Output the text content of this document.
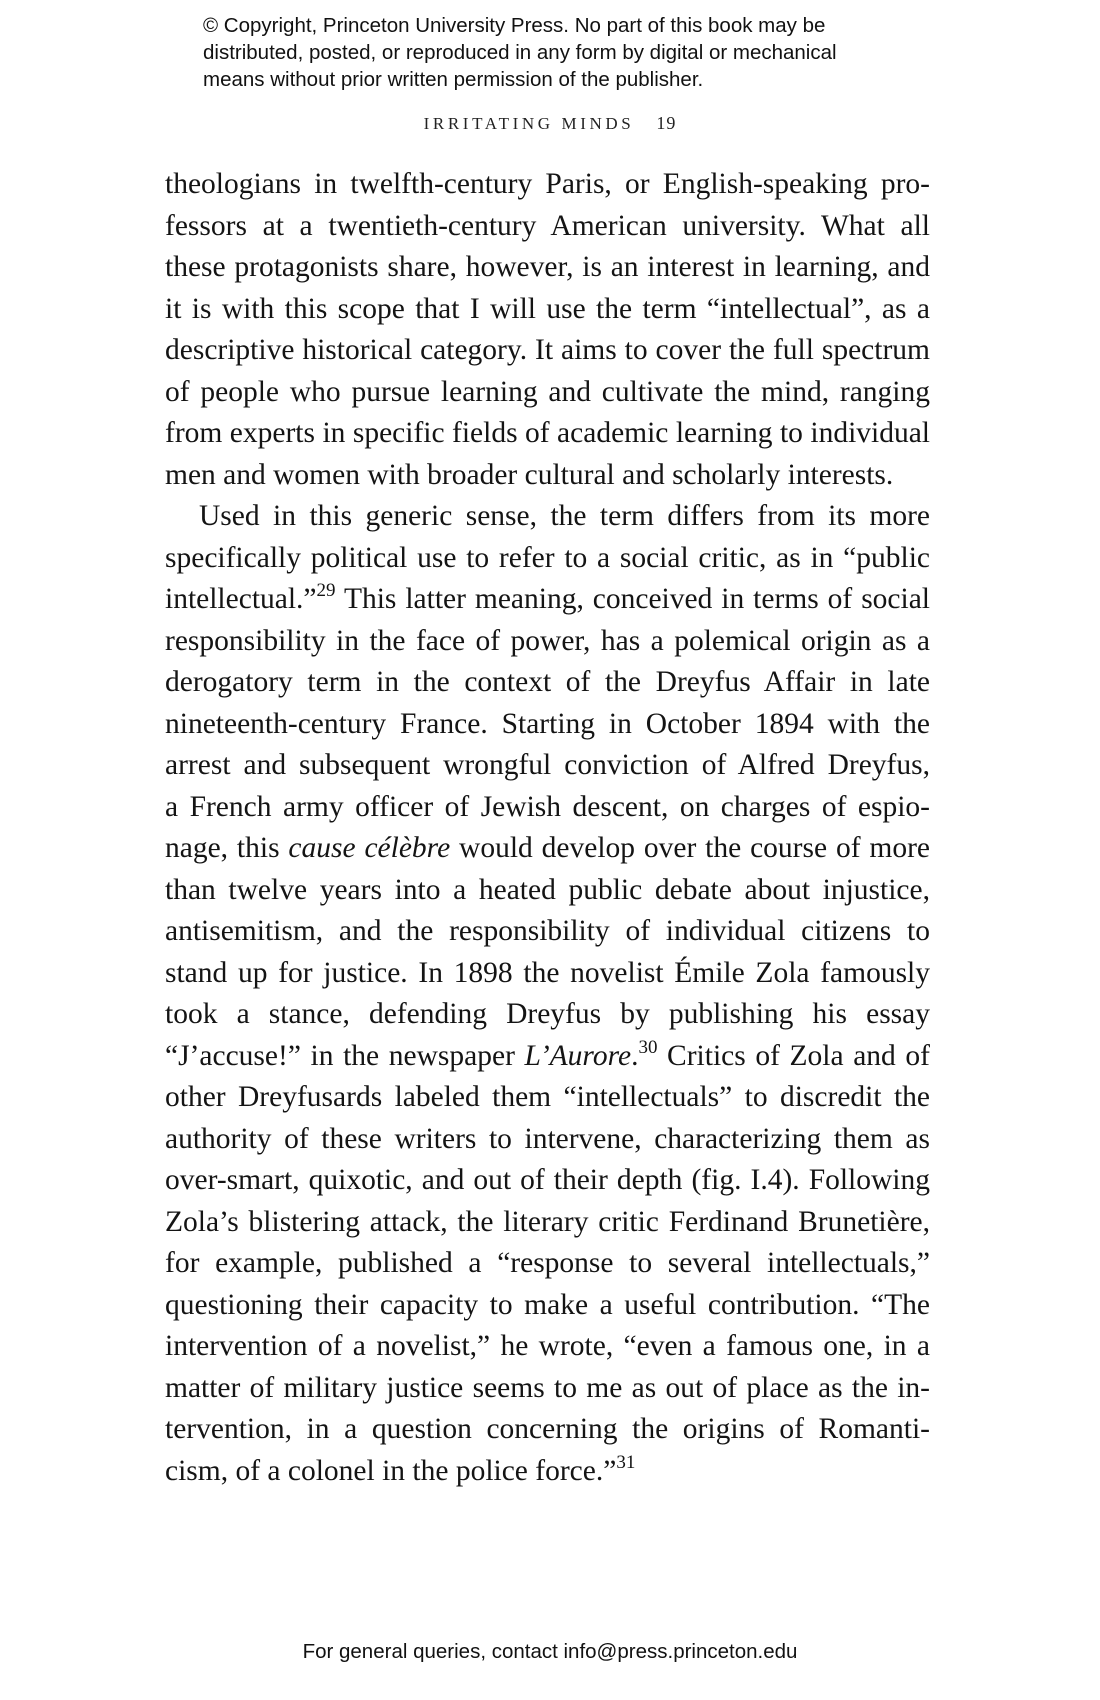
© Copyright, Princeton University Press. No part of this book may be
distributed, posted, or reproduced in any form by digital or mechanical
means without prior written permission of the publisher.
IRRITATING MINDS 19
theologians in twelfth-century Paris, or English-speaking pro-
fessors at a twentieth-century American university. What all
these protagonists share, however, is an interest in learning, and
it is with this scope that I will use the term “intellectual”, as a
descriptive historical category. It aims to cover the full spectrum
of people who pursue learning and cultivate the mind, ranging
from experts in specific fields of academic learning to individual
men and women with broader cultural and scholarly interests.
Used in this generic sense, the term differs from its more
specifically political use to refer to a social critic, as in “public
intellectual.”$^{29}$ This latter meaning, conceived in terms of social
responsibility in the face of power, has a polemical origin as a
derogatory term in the context of the Dreyfus Affair in late
nineteenth-century France. Starting in October 1894 with the
arrest and subsequent wrongful conviction of Alfred Dreyfus,
a French army officer of Jewish descent, on charges of espio-
nage, this cause célèbre would develop over the course of more
than twelve years into a heated public debate about injustice,
antisemitism, and the responsibility of individual citizens to
stand up for justice. In 1898 the novelist Émile Zola famously
took a stance, defending Dreyfus by publishing his essay
“J’accuse!” in the newspaper L’Aurore.$^{30}$ Critics of Zola and of
other Dreyfusards labeled them “intellectuals” to discredit the
authority of these writers to intervene, characterizing them as
over-smart, quixotic, and out of their depth (fig. I.4). Following
Zola’s blistering attack, the literary critic Ferdinand Brunetière,
for example, published a “response to several intellectuals,”
questioning their capacity to make a useful contribution. “The
intervention of a novelist,” he wrote, “even a famous one, in a
matter of military justice seems to me as out of place as the in-
tervention, in a question concerning the origins of Romanti-
cism, of a colonel in the police force.”$^{31}$
For general queries, contact info@press.princeton.edu
